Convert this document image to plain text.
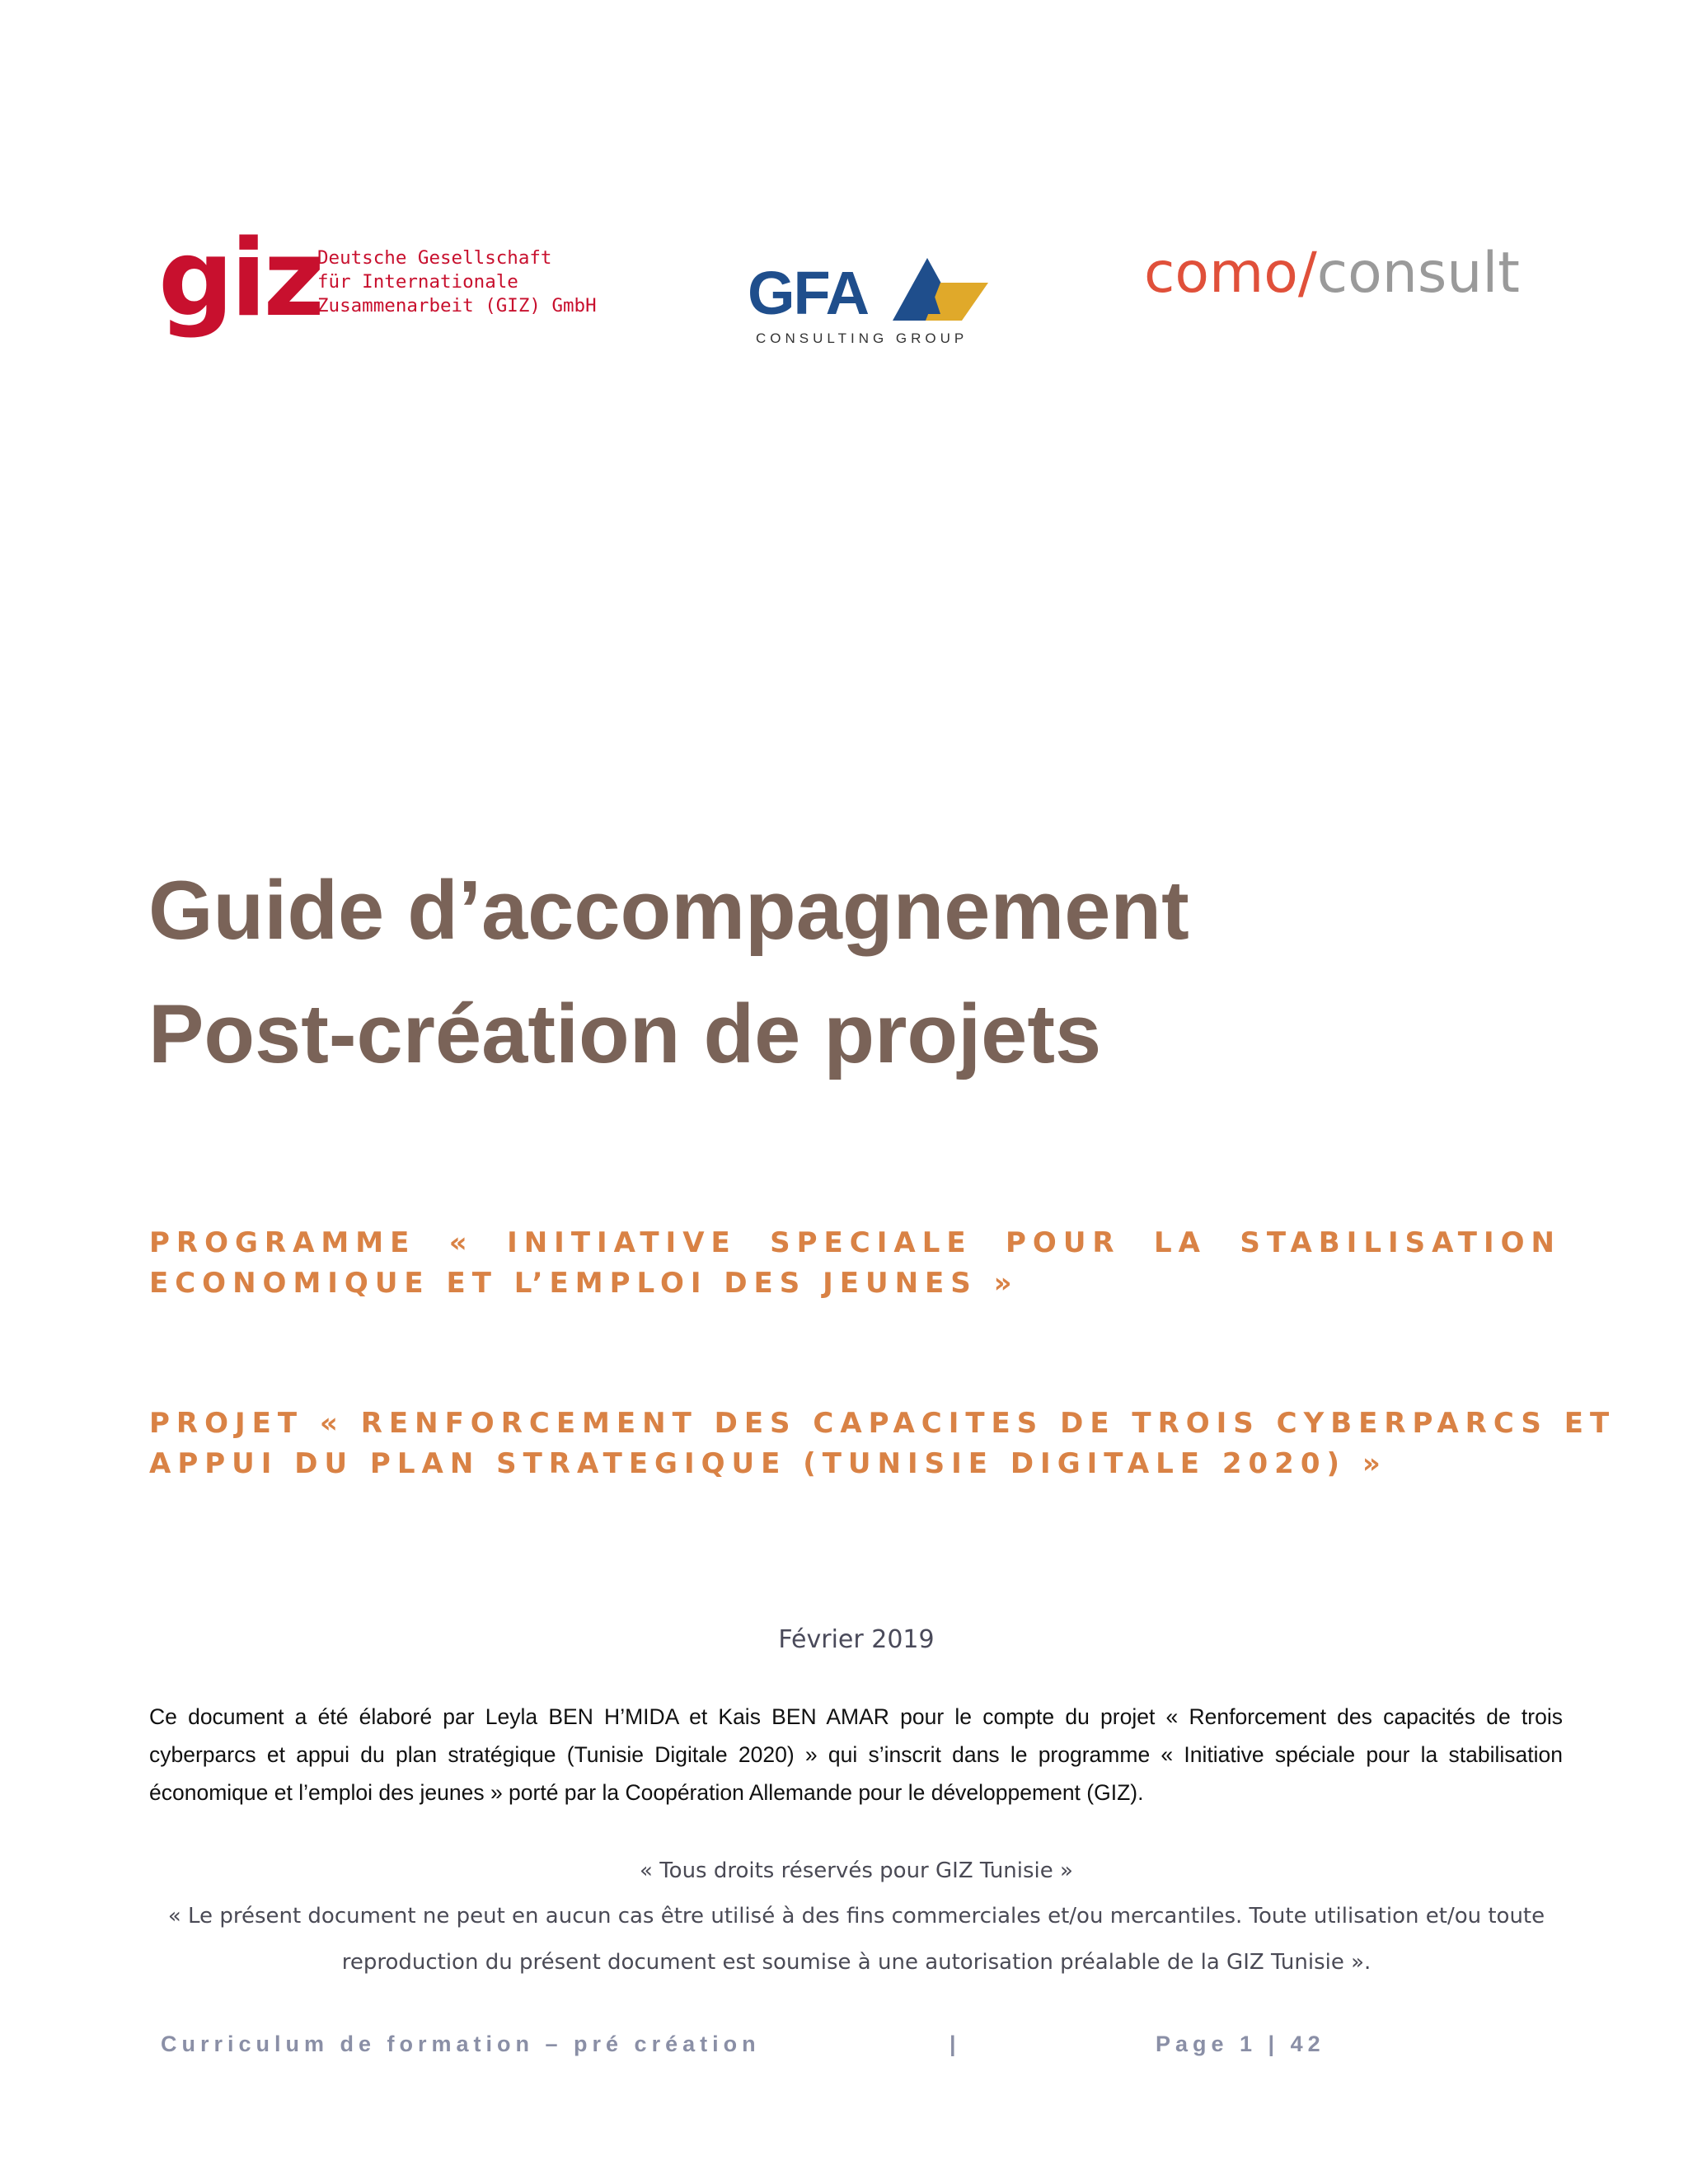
giz
Deutsche Gesellschaft
für Internationale
Zusammenarbeit (GIZ) GmbH GFA
CONSULTING GROUP
como/consult
Guide d’accompagnement
Post-création de projets
PROGRAMME « INITIATIVE SPECIALE POUR LA STABILISATION
ECONOMIQUE ET L’EMPLOI DES JEUNES »
PROJET « RENFORCEMENT DES CAPACITES DE TROIS CYBERPARCS ET
APPUI DU PLAN STRATEGIQUE (TUNISIE DIGITALE 2020) »
Février 2019
Ce document a été élaboré par Leyla BEN H’MIDA et Kais BEN AMAR pour le compte du projet « Renforcement des capacités de trois cyberparcs et appui du plan stratégique (Tunisie Digitale 2020) » qui s’inscrit dans le programme « Initiative spéciale pour la stabilisation économique et l’emploi des jeunes » porté par la Coopération Allemande pour le développement (GIZ).
« Tous droits réservés pour GIZ Tunisie »
« Le présent document ne peut en aucun cas être utilisé à des fins commerciales et/ou mercantiles. Toute utilisation et/ou toute
reproduction du présent document est soumise à une autorisation préalable de la GIZ Tunisie ».
Curriculum de formation – pré création	|	Page 1 | 42
